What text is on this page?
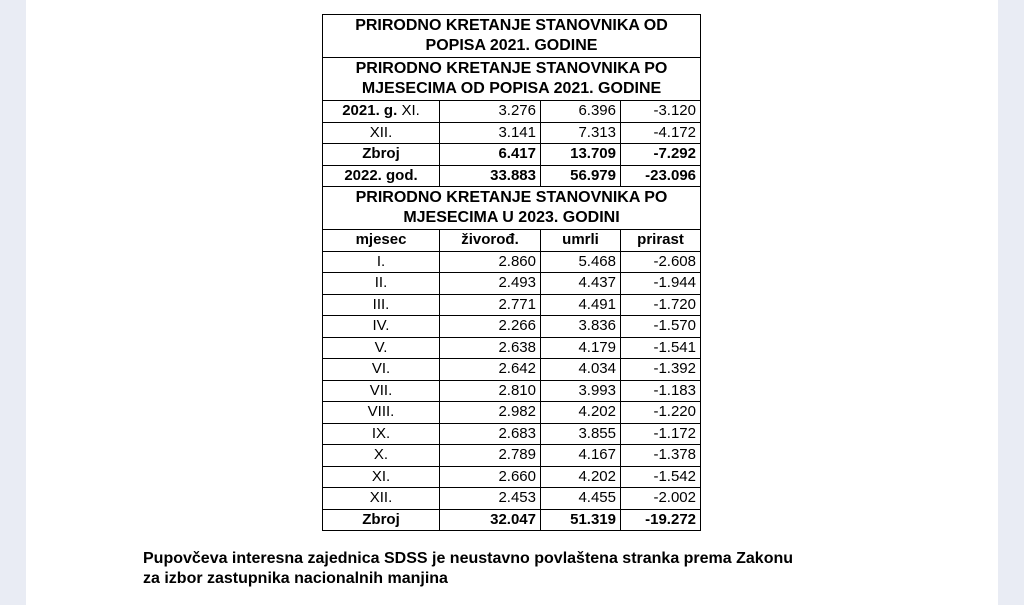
PRIRODNO KRETANJE STANOVNIKA OD
POPISA 2021. GODINE			

PRIRODNO KRETANJE STANOVNIKA PO
MJESECIMA OD POPISA 2021. GODINE			

2021. g. XI.	3.276	6.396	-3.120
XII.	3.141	7.313	-4.172
Zbroj	6.417	13.709	-7.292
2022. god.	33.883	56.979	-23.096

PRIRODNO KRETANJE STANOVNIKA PO
MJESECIMA U 2023. GODINI			

mjesec	živorođ.	umrli	prirast
I.	2.860	5.468	-2.608
II.	2.493	4.437	-1.944
III.	2.771	4.491	-1.720
IV.	2.266	3.836	-1.570
V.	2.638	4.179	-1.541
VI.	2.642	4.034	-1.392
VII.	2.810	3.993	-1.183
VIII.	2.982	4.202	-1.220
IX.	2.683	3.855	-1.172
X.	2.789	4.167	-1.378
XI.	2.660	4.202	-1.542
XII.	2.453	4.455	-2.002
Zbroj	32.047	51.319	-19.272
Pupovčeva interesna zajednica SDSS je neustavno povlaštena stranka prema Zakonu
za izbor zastupnika nacionalnih manjina
